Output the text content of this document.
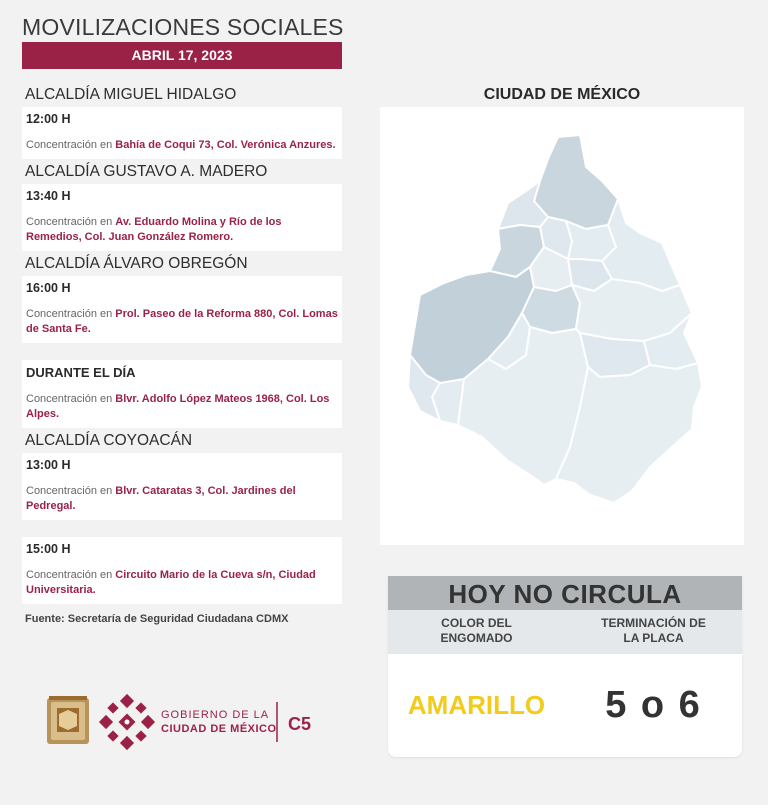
MOVILIZACIONES SOCIALES
ABRIL 17, 2023
ALCALDÍA MIGUEL HIDALGO
12:00 H
Concentración en Bahía de Coqui 73, Col. Verónica Anzures.
ALCALDÍA GUSTAVO A. MADERO
13:40 H
Concentración en Av. Eduardo Molina y Río de los Remedios, Col. Juan González Romero.
ALCALDÍA ÁLVARO OBREGÓN
16:00 H
Concentración en Prol. Paseo de la Reforma 880, Col. Lomas de Santa Fe.
DURANTE EL DÍA
Concentración en Blvr. Adolfo López Mateos 1968, Col. Los Alpes.
ALCALDÍA COYOACÁN
13:00 H
Concentración en Blvr. Cataratas 3, Col. Jardines del Pedregal.
15:00 H
Concentración en Circuito Mario de la Cueva s/n, Ciudad Universitaria.
Fuente: Secretaría de Seguridad Ciudadana CDMX
GOBIERNO DE LA
CIUDAD DE MÉXICO C5
CIUDAD DE MÉXICO
HOY NO CIRCULA
COLOR DEL
ENGOMADO
TERMINACIÓN DE
LA PLACA
AMARILLO	5 o 6
